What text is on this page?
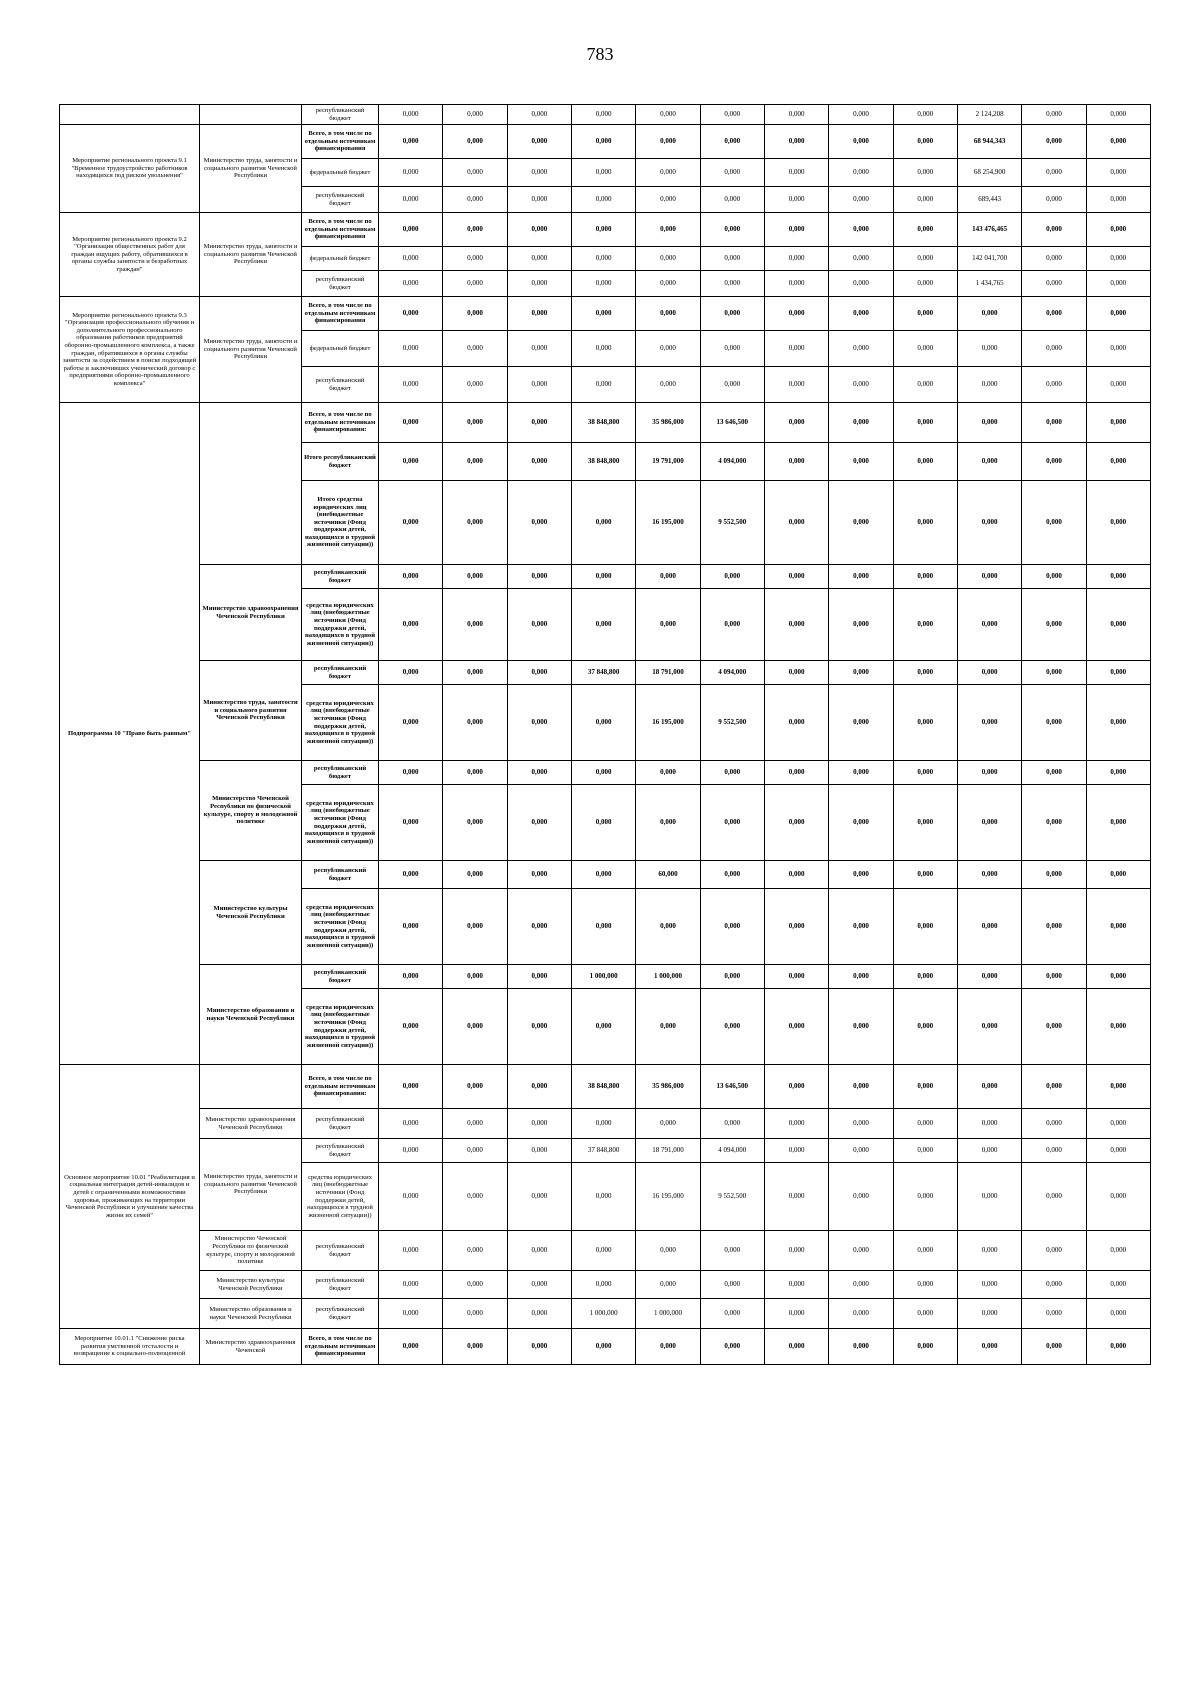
783
		республиканский бюджет	0,000	0,000	0,000	0,000	0,000	0,000	0,000	0,000	0,000	2 124,208	0,000	0,000
Мероприятие регионального проекта 9.1 "Временное трудоустройство работников находящихся под риском увольнения"	Министерство труда, занятости и социального развития Чеченской Республики	Всего, в том числе по отдельным источникам финансирования	0,000	0,000	0,000	0,000	0,000	0,000	0,000	0,000	0,000	68 944,343	0,000	0,000
		федеральный бюджет	0,000	0,000	0,000	0,000	0,000	0,000	0,000	0,000	0,000	68 254,900	0,000	0,000
		республиканский бюджет	0,000	0,000	0,000	0,000	0,000	0,000	0,000	0,000	0,000	689,443	0,000	0,000
Мероприятие регионального проекта 9.2 "Организация общественных работ для граждан ищущих работу, обратившихся в органы службы занятости и безработных граждан"	Министерство труда, занятости и социального развития Чеченской Республики	Всего, в том числе по отдельным источникам финансирования	0,000	0,000	0,000	0,000	0,000	0,000	0,000	0,000	0,000	143 476,465	0,000	0,000
		федеральный бюджет	0,000	0,000	0,000	0,000	0,000	0,000	0,000	0,000	0,000	142 041,700	0,000	0,000
		республиканский бюджет	0,000	0,000	0,000	0,000	0,000	0,000	0,000	0,000	0,000	1 434,765	0,000	0,000
Мероприятие регионального проекта 9.3 "Организация профессионального обучения и дополнительного профессионального образования работников предприятий оборонно-промышленного комплекса, а также граждан, обратившихся в органы службы занятости за содействием в поиске подходящей работы и заключивших ученический договор с предприятиями оборонно-промышленного комплекса"	Министерство труда, занятости и социального развития Чеченской Республики	Всего, в том числе по отдельным источникам финансирования	0,000	0,000	0,000	0,000	0,000	0,000	0,000	0,000	0,000	0,000	0,000	0,000
		федеральный бюджет	0,000	0,000	0,000	0,000	0,000	0,000	0,000	0,000	0,000	0,000	0,000	0,000
		республиканский бюджет	0,000	0,000	0,000	0,000	0,000	0,000	0,000	0,000	0,000	0,000	0,000	0,000
Подпрограмма 10 "Право быть равным"		Всего, в том числе по отдельным источникам финансирования:	0,000	0,000	0,000	38 848,800	35 986,000	13 646,500	0,000	0,000	0,000	0,000	0,000	0,000
		Итого республиканский бюджет	0,000	0,000	0,000	38 848,800	19 791,000	4 094,000	0,000	0,000	0,000	0,000	0,000	0,000
		Итого средства юридических лиц (внебюджетные источники (Фонд поддержки детей, находящихся в трудной жизненной ситуации))	0,000	0,000	0,000	0,000	16 195,000	9 552,500	0,000	0,000	0,000	0,000	0,000	0,000
	Министерство здравоохранения Чеченской Республики	республиканский бюджет	0,000	0,000	0,000	0,000	0,000	0,000	0,000	0,000	0,000	0,000	0,000	0,000
		средства юридических лиц (внебюджетные источники (Фонд поддержки детей, находящихся в трудной жизненной ситуации))	0,000	0,000	0,000	0,000	0,000	0,000	0,000	0,000	0,000	0,000	0,000	0,000
	Министерство труда, занятости и социального развития Чеченской Республики	республиканский бюджет	0,000	0,000	0,000	37 848,800	18 791,000	4 094,000	0,000	0,000	0,000	0,000	0,000	0,000
		средства юридических лиц (внебюджетные источники (Фонд поддержки детей, находящихся в трудной жизненной ситуации))	0,000	0,000	0,000	0,000	16 195,000	9 552,500	0,000	0,000	0,000	0,000	0,000	0,000
	Министерство Чеченской Республики по физической культуре, спорту и молодежной политике	республиканский бюджет	0,000	0,000	0,000	0,000	0,000	0,000	0,000	0,000	0,000	0,000	0,000	0,000
		средства юридических лиц (внебюджетные источники (Фонд поддержки детей, находящихся в трудной жизненной ситуации))	0,000	0,000	0,000	0,000	0,000	0,000	0,000	0,000	0,000	0,000	0,000	0,000
	Министерство культуры Чеченской Республики	республиканский бюджет	0,000	0,000	0,000	0,000	60,000	0,000	0,000	0,000	0,000	0,000	0,000	0,000
		средства юридических лиц (внебюджетные источники (Фонд поддержки детей, находящихся в трудной жизненной ситуации))	0,000	0,000	0,000	0,000	0,000	0,000	0,000	0,000	0,000	0,000	0,000	0,000
	Министерство образования и науки Чеченской Республики	республиканский бюджет	0,000	0,000	0,000	1 000,000	1 000,000	0,000	0,000	0,000	0,000	0,000	0,000	0,000
		средства юридических лиц (внебюджетные источники (Фонд поддержки детей, находящихся в трудной жизненной ситуации))	0,000	0,000	0,000	0,000	0,000	0,000	0,000	0,000	0,000	0,000	0,000	0,000
Основное мероприятие 10.01 "Реабилитация и социальная интеграция детей-инвалидов и детей с ограниченными возможностями здоровья, проживающих на территории Чеченской Республики и улучшение качества жизни их семей"		Всего, в том числе по отдельным источникам финансирования:	0,000	0,000	0,000	38 848,800	35 986,000	13 646,500	0,000	0,000	0,000	0,000	0,000	0,000
	Министерство здравоохранения Чеченской Республики	республиканский бюджет	0,000	0,000	0,000	0,000	0,000	0,000	0,000	0,000	0,000	0,000	0,000	0,000
	Министерство труда, занятости и социального развития Чеченской Республики	республиканский бюджет	0,000	0,000	0,000	37 848,800	18 791,000	4 094,000	0,000	0,000	0,000	0,000	0,000	0,000
		средства юридических лиц (внебюджетные источники (Фонд поддержки детей, находящихся в трудной жизненной ситуации))	0,000	0,000	0,000	0,000	16 195,000	9 552,500	0,000	0,000	0,000	0,000	0,000	0,000
	Министерство Чеченской Республики по физической культуре, спорту и молодежной политике	республиканский бюджет	0,000	0,000	0,000	0,000	0,000	0,000	0,000	0,000	0,000	0,000	0,000	0,000
	Министерство культуры Чеченской Республики	республиканский бюджет	0,000	0,000	0,000	0,000	0,000	0,000	0,000	0,000	0,000	0,000	0,000	0,000
	Министерство образования и науки Чеченской Республики	республиканский бюджет	0,000	0,000	0,000	1 000,000	1 000,000	0,000	0,000	0,000	0,000	0,000	0,000	0,000
Мероприятие 10.01.1 "Снижение риска развития умственной отсталости и возвращение к социально-полноценной	Министерство здравоохранения Чеченской	Всего, в том числе по отдельным источникам финансирования	0,000	0,000	0,000	0,000	0,000	0,000	0,000	0,000	0,000	0,000	0,000	0,000
